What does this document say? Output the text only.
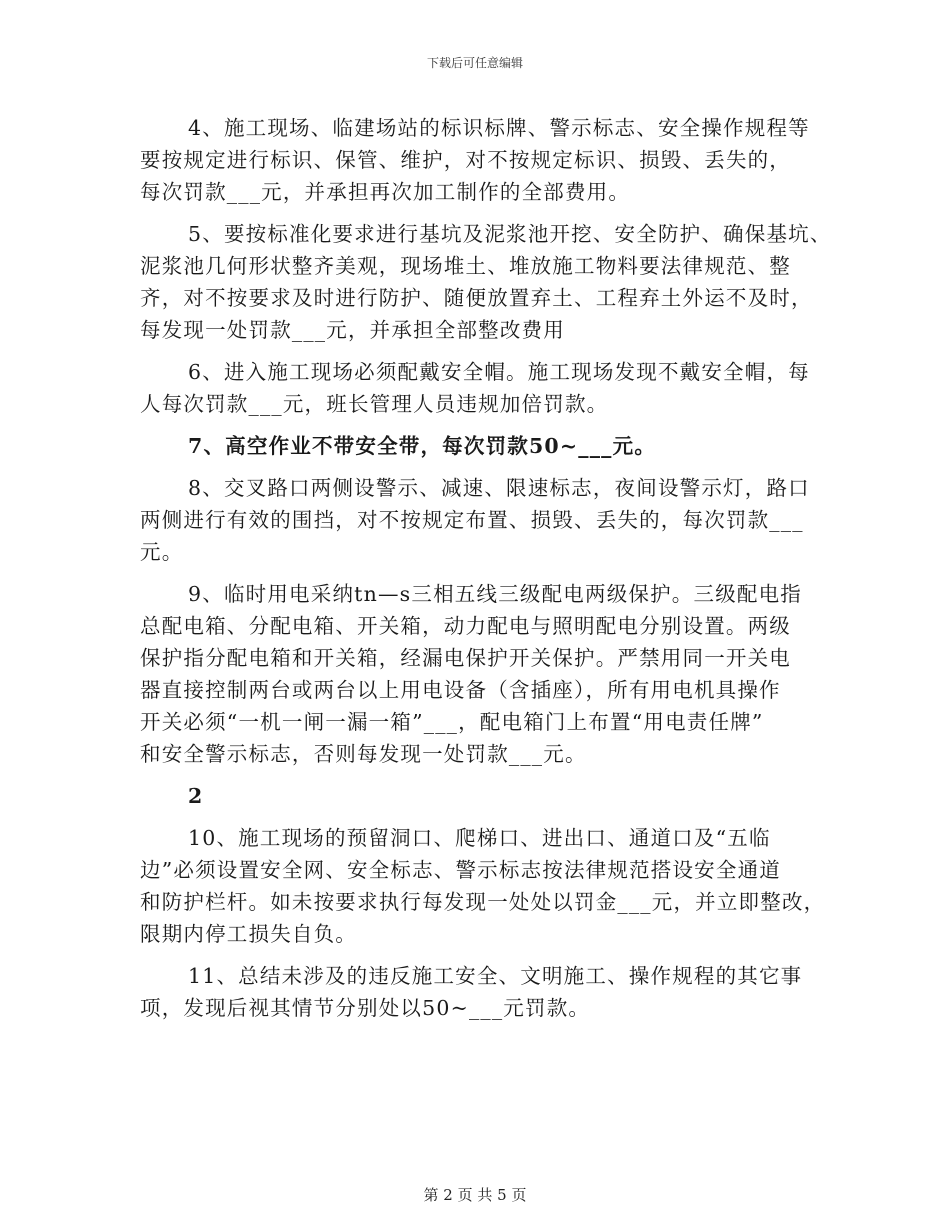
下载后可任意编辑
4、施工现场、临建场站的标识标牌、警示标志、安全操作规程等
要按规定进行标识、保管、维护，对不按规定标识、损毁、丢失的，
每次罚款___元，并承担再次加工制作的全部费用。
5、要按标准化要求进行基坑及泥浆池开挖、安全防护、确保基坑、
泥浆池几何形状整齐美观，现场堆土、堆放施工物料要法律规范、整
齐，对不按要求及时进行防护、随便放置弃土、工程弃土外运不及时，
每发现一处罚款___元，并承担全部整改费用
6、进入施工现场必须配戴安全帽。施工现场发现不戴安全帽，每
人每次罚款___元，班长管理人员违规加倍罚款。
7、高空作业不带安全带，每次罚款50~___元。
8、交叉路口两侧设警示、减速、限速标志，夜间设警示灯，路口
两侧进行有效的围挡，对不按规定布置、损毁、丢失的，每次罚款___
元。
9、临时用电采纳tn—s三相五线三级配电两级保护。三级配电指
总配电箱、分配电箱、开关箱，动力配电与照明配电分别设置。两级
保护指分配电箱和开关箱，经漏电保护开关保护。严禁用同一开关电
器直接控制两台或两台以上用电设备（含插座），所有用电机具操作
开关必须“一机一闸一漏一箱”___，配电箱门上布置“用电责任牌”
和安全警示标志，否则每发现一处罚款___元。
2
10、施工现场的预留洞口、爬梯口、进出口、通道口及“五临
边”必须设置安全网、安全标志、警示标志按法律规范搭设安全通道
和防护栏杆。如未按要求执行每发现一处处以罚金___元，并立即整改，
限期内停工损失自负。
11、总结未涉及的违反施工安全、文明施工、操作规程的其它事
项，发现后视其情节分别处以50~___元罚款。
第 2 页 共 5 页
